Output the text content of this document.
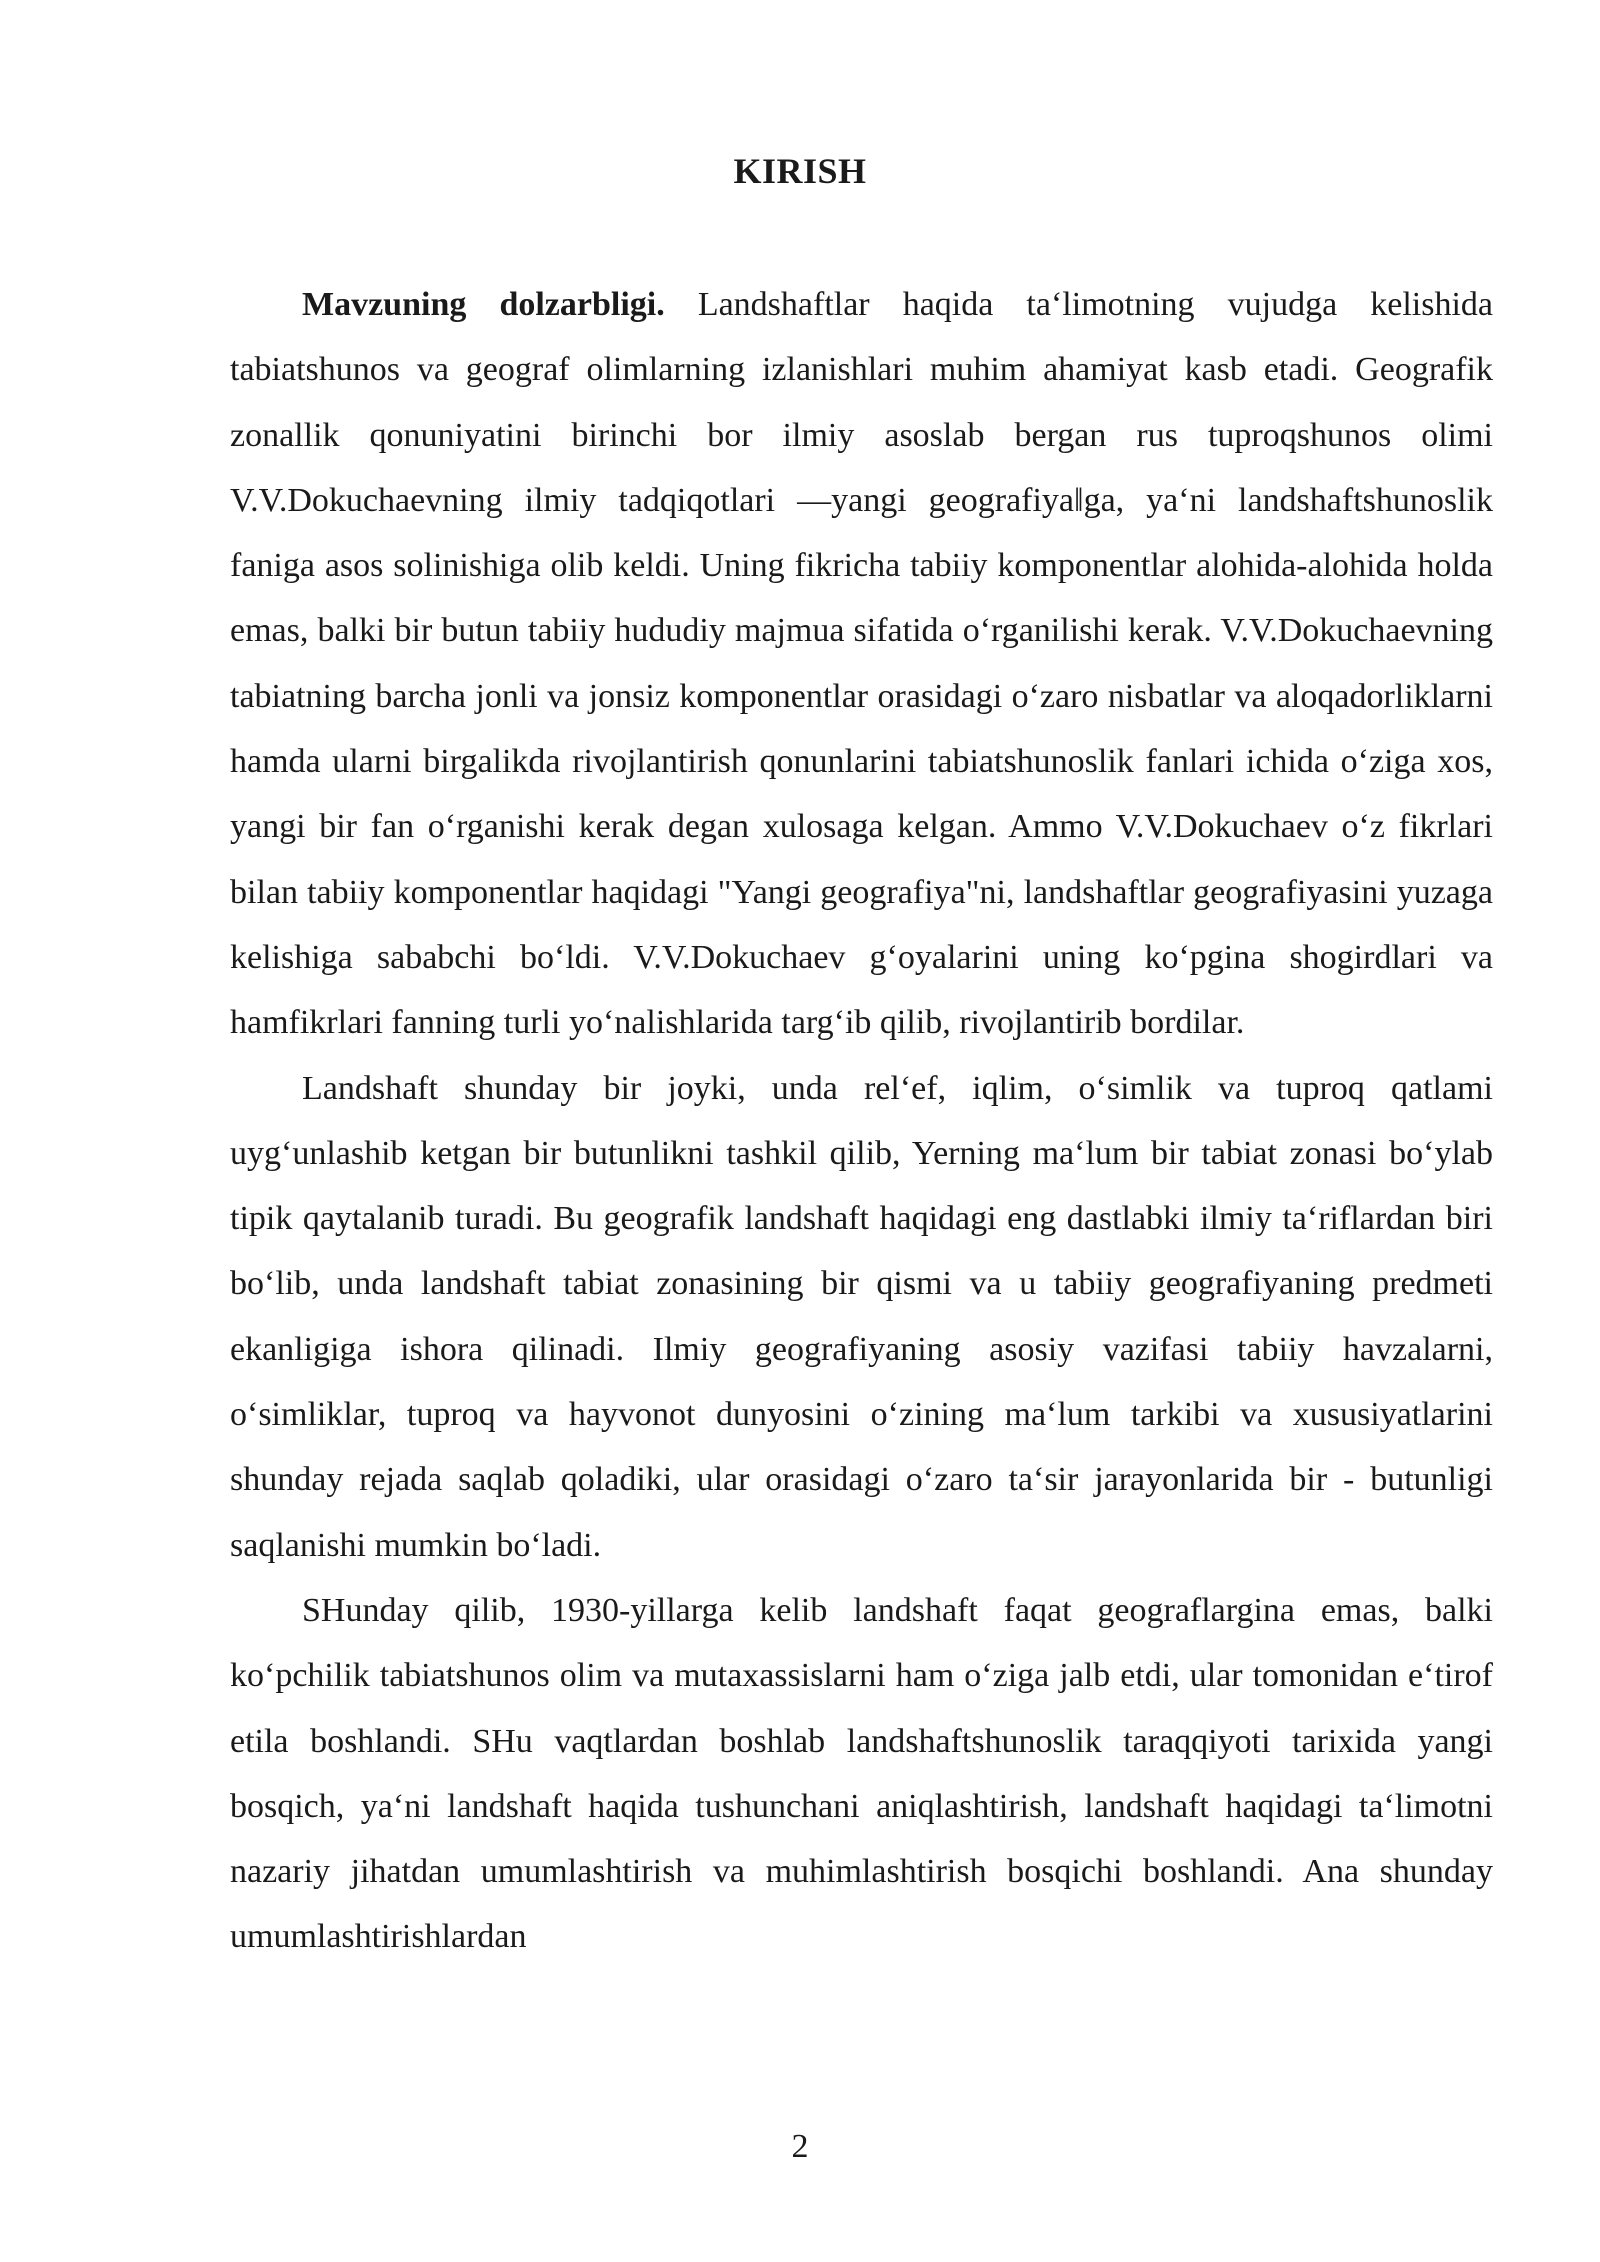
KIRISH

Mavzuning dolzarbligi. Landshaftlar haqida taʻlimotning vujudga kelishida tabiatshunos va geograf olimlarning izlanishlari muhim ahamiyat kasb etadi. Geografik zonallik qonuniyatini birinchi bor ilmiy asoslab bergan rus tuproqshunos olimi V.V.Dokuchaevning ilmiy tadqiqotlari ―yangi geografiya‖ga, yaʻni landshaftshunoslik faniga asos solinishiga olib keldi. Uning fikricha tabiiy komponentlar alohida-alohida holda emas, balki bir butun tabiiy hududiy majmua sifatida oʻrganilishi kerak. V.V.Dokuchaevning tabiatning barcha jonli va jonsiz komponentlar orasidagi oʻzaro nisbatlar va aloqadorliklarni hamda ularni birgalikda rivojlantirish qonunlarini tabiatshunoslik fanlari ichida oʻziga xos, yangi bir fan oʻrganishi kerak degan xulosaga kelgan. Ammo V.V.Dokuchaev oʻz fikrlari bilan tabiiy komponentlar haqidagi "Yangi geografiya"ni, landshaftlar geografiyasini yuzaga kelishiga sababchi boʻldi. V.V.Dokuchaev gʻoyalarini uning koʻpgina shogirdlari va hamfikrlari fanning turli yoʻnalishlarida targʻib qilib, rivojlantirib bordilar.

Landshaft shunday bir joyki, unda relʻef, iqlim, oʻsimlik va tuproq qatlami uygʻunlashib ketgan bir butunlikni tashkil qilib, Yerning maʻlum bir tabiat zonasi boʻylab tipik qaytalanib turadi. Bu geografik landshaft haqidagi eng dastlabki ilmiy taʻriflardan biri boʻlib, unda landshaft tabiat zonasining bir qismi va u tabiiy geografiyaning predmeti ekanligiga ishora qilinadi. Ilmiy geografiyaning asosiy vazifasi tabiiy havzalarni, oʻsimliklar, tuproq va hayvonot dunyosini oʻzining maʻlum tarkibi va xususiyatlarini shunday rejada saqlab qoladiki, ular orasidagi oʻzaro taʻsir jarayonlarida bir - butunligi saqlanishi mumkin boʻladi.

SHunday qilib, 1930-yillarga kelib landshaft faqat geograflargina emas, balki koʻpchilik tabiatshunos olim va mutaxassislarni ham oʻziga jalb etdi, ular tomonidan eʻtirof etila boshlandi. SHu vaqtlardan boshlab landshaftshunoslik taraqqiyoti tarixida yangi bosqich, yaʻni landshaft haqida tushunchani aniqlashtirish, landshaft haqidagi taʻlimotni nazariy jihatdan umumlashtirish va muhimlashtirish bosqichi boshlandi. Ana shunday umumlashtirishlardan

2
